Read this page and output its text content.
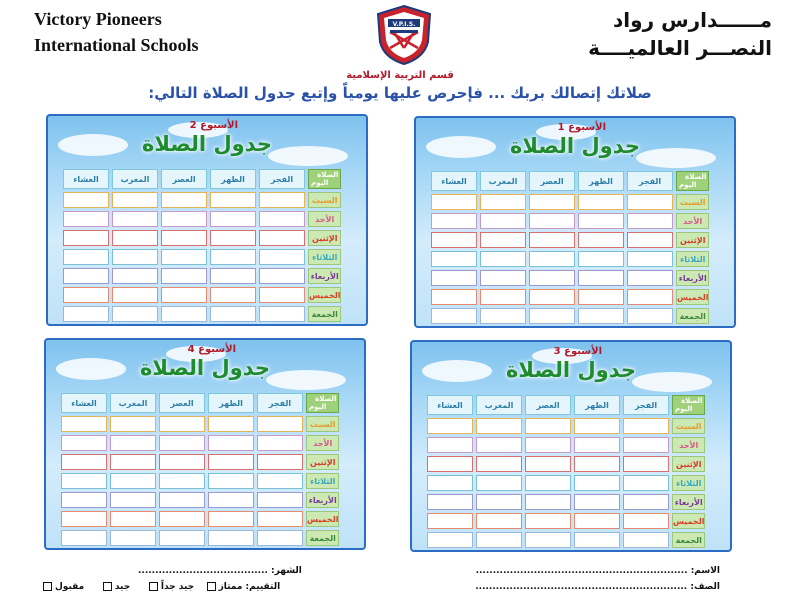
Victory Pioneers
International Schools
V.P.I.S.	مــــــدارس رواد
النصـــر العالميــــة
قسم التربية الإسلامية
صلاتك إتصالك بربك ... فإحرص عليها يومياً وإتبع جدول الصلاة التالي:
الأسبوع 1
جدول الصلاة
الصلاة
اليوم	الفجر	الظهر	العصر	المغرب	العشاء
السبت					
الأحد					
الإثنين					
الثلاثاء					
الأربعاء					
الخميس					
الجمعة					
الأسبوع 2
جدول الصلاة
الصلاة
اليوم	الفجر	الظهر	العصر	المغرب	العشاء
السبت					
الأحد					
الإثنين					
الثلاثاء					
الأربعاء					
الخميس					
الجمعة					
الأسبوع 3
جدول الصلاة
الصلاة
اليوم	الفجر	الظهر	العصر	المغرب	العشاء
السبت					
الأحد					
الإثنين					
الثلاثاء					
الأربعاء					
الخميس					
الجمعة					
الأسبوع 4
جدول الصلاة
الصلاة
اليوم	الفجر	الظهر	العصر	المغرب	العشاء
السبت					
الأحد					
الإثنين					
الثلاثاء					
الأربعاء					
الخميس					
الجمعة					
الاسم: ..............................................................
الصف: ..............................................................
الشهر: ......................................
التقييم: ممتاز   جيد جداً     جيد     مقبول
